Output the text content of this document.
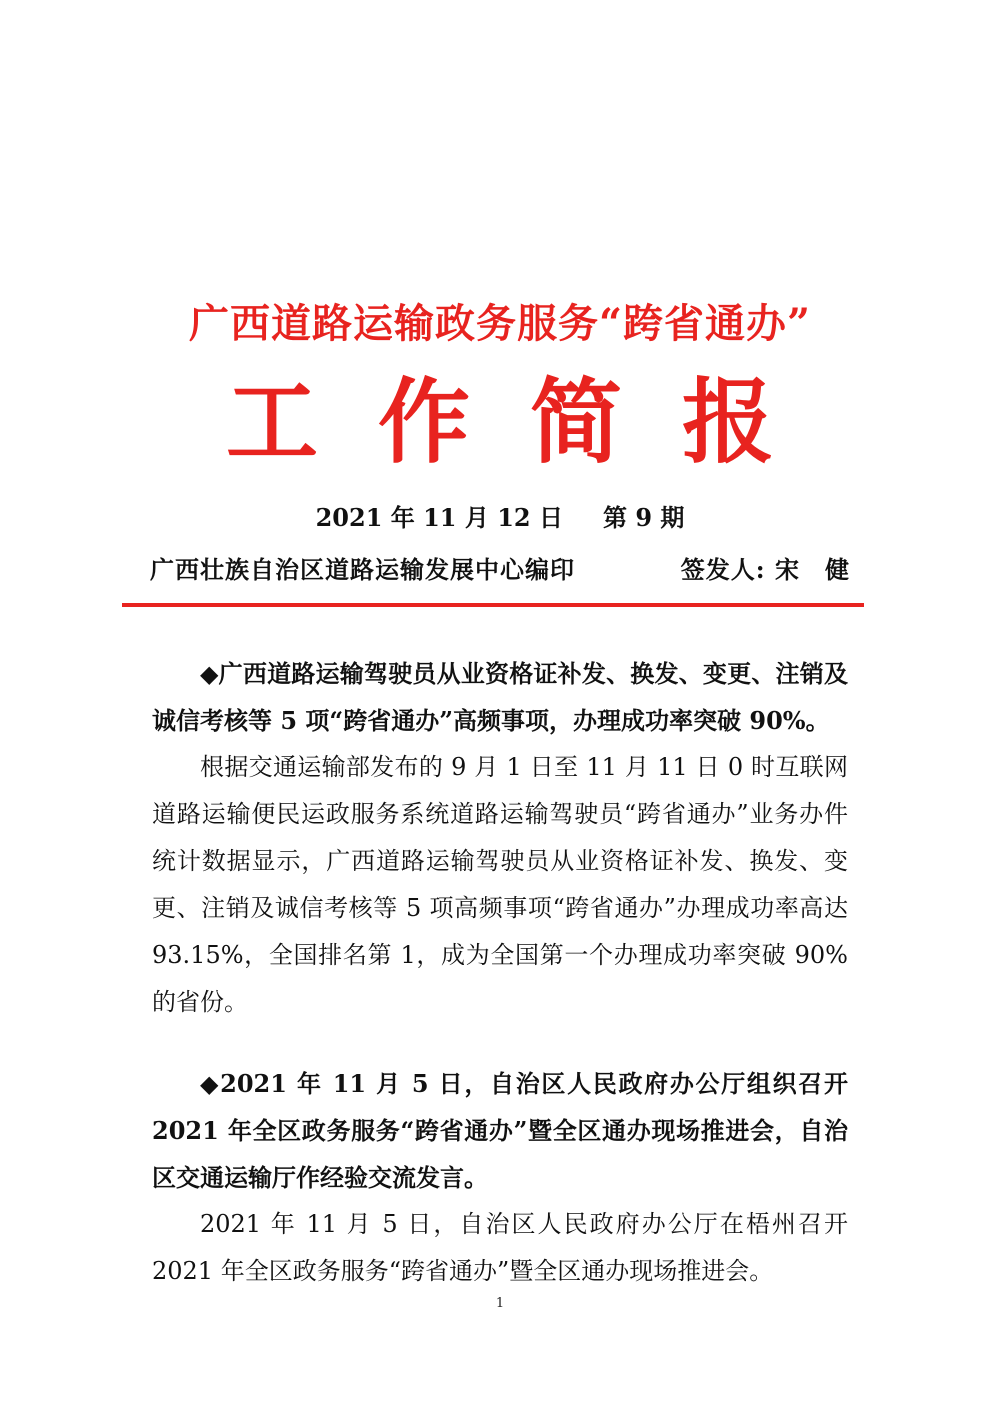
广西道路运输政务服务“跨省通办”
工作简报
2021 年 11 月 12 日 第 9 期
广西壮族自治区道路运输发展中心编印	签发人: 宋　健

◆广西道路运输驾驶员从业资格证补发、换发、变更、注销及诚信考核等 5 项“跨省通办”高频事项，办理成功率突破 90%。

根据交通运输部发布的 9 月 1 日至 11 月 11 日 0 时互联网道路运输便民运政服务系统道路运输驾驶员“跨省通办”业务办件统计数据显示，广西道路运输驾驶员从业资格证补发、换发、变更、注销及诚信考核等 5 项高频事项“跨省通办”办理成功率高达 93.15%，全国排名第 1，成为全国第一个办理成功率突破 90%的省份。

◆2021 年 11 月 5 日，自治区人民政府办公厅组织召开 2021 年全区政务服务“跨省通办”暨全区通办现场推进会，自治区交通运输厅作经验交流发言。

2021 年 11 月 5 日，自治区人民政府办公厅在梧州召开 2021 年全区政务服务“跨省通办”暨全区通办现场推进会。

1
